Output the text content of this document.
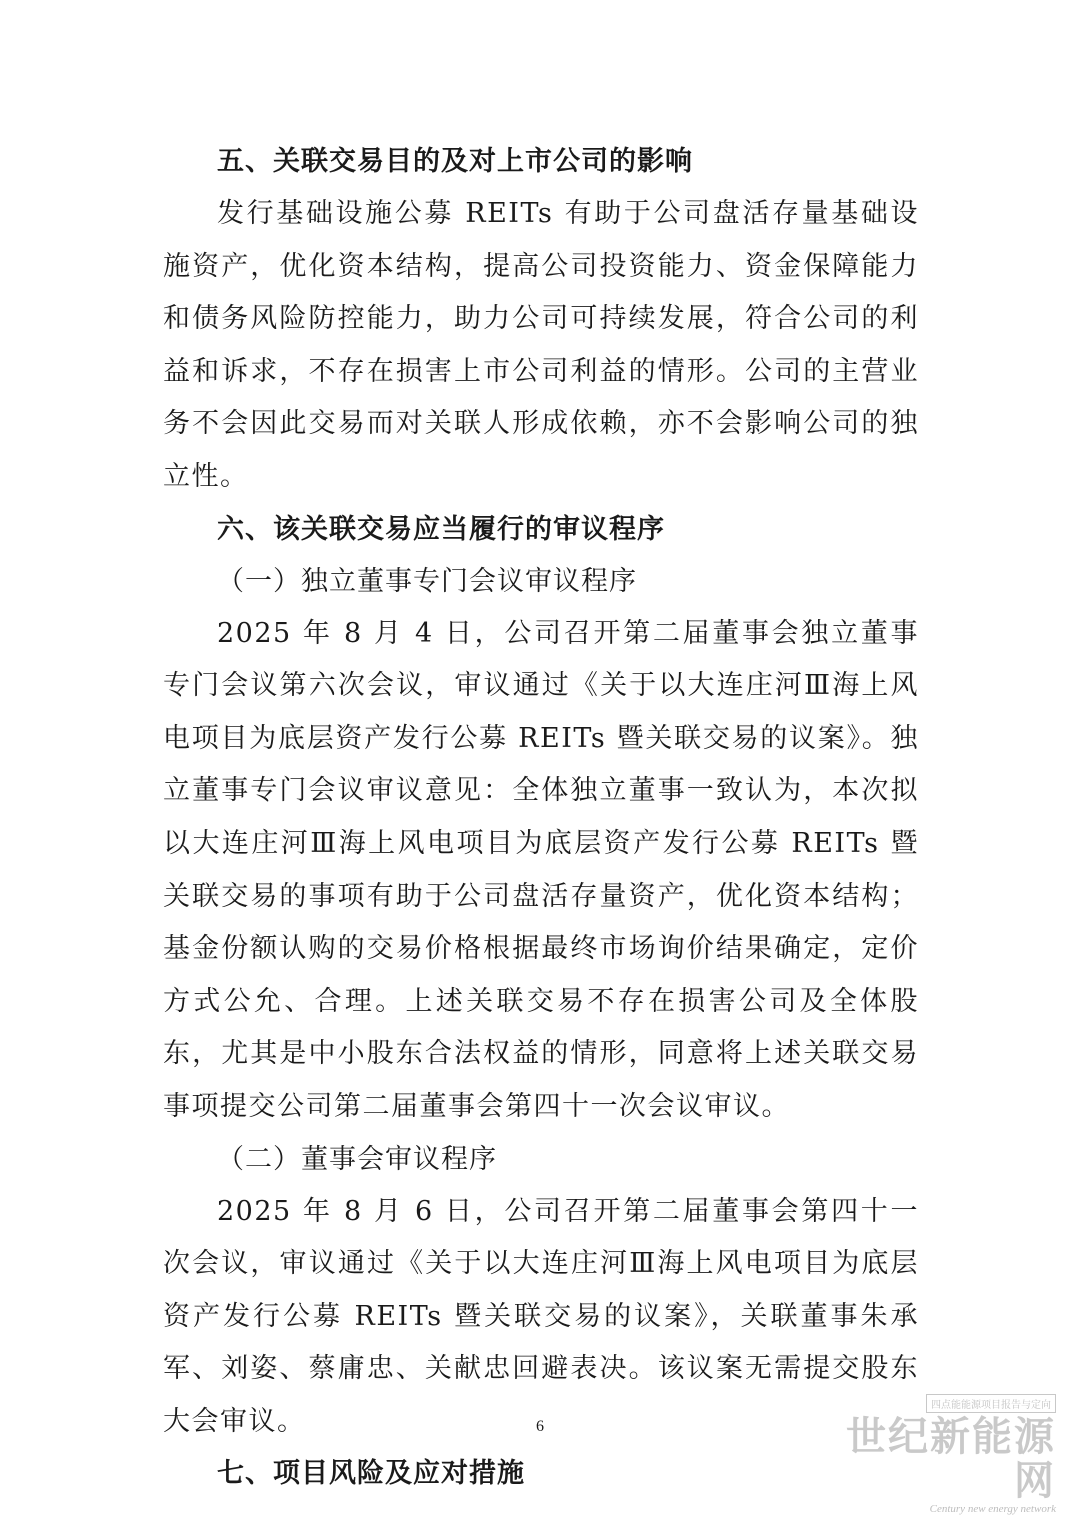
五、关联交易目的及对上市公司的影响

发行基础设施公募 REITs 有助于公司盘活存量基础设施资产，优化资本结构，提高公司投资能力、资金保障能力和债务风险防控能力，助力公司可持续发展，符合公司的利益和诉求，不存在损害上市公司利益的情形。公司的主营业务不会因此交易而对关联人形成依赖，亦不会影响公司的独立性。

六、该关联交易应当履行的审议程序

（一）独立董事专门会议审议程序

2025 年 8 月 4 日，公司召开第二届董事会独立董事专门会议第六次会议，审议通过《关于以大连庄河Ⅲ海上风电项目为底层资产发行公募 REITs 暨关联交易的议案》。独立董事专门会议审议意见：全体独立董事一致认为，本次拟以大连庄河Ⅲ海上风电项目为底层资产发行公募 REITs 暨关联交易的事项有助于公司盘活存量资产，优化资本结构；基金份额认购的交易价格根据最终市场询价结果确定，定价方式公允、合理。上述关联交易不存在损害公司及全体股东，尤其是中小股东合法权益的情形，同意将上述关联交易事项提交公司第二届董事会第四十一次会议审议。

（二）董事会审议程序

2025 年 8 月 6 日，公司召开第二届董事会第四十一次会议，审议通过《关于以大连庄河Ⅲ海上风电项目为底层资产发行公募 REITs 暨关联交易的议案》，关联董事朱承军、刘姿、蔡庸忠、关献忠回避表决。该议案无需提交股东大会审议。

七、项目风险及应对措施

6
四点能能源项目报告与定向
世纪新能源网
Century new energy network
